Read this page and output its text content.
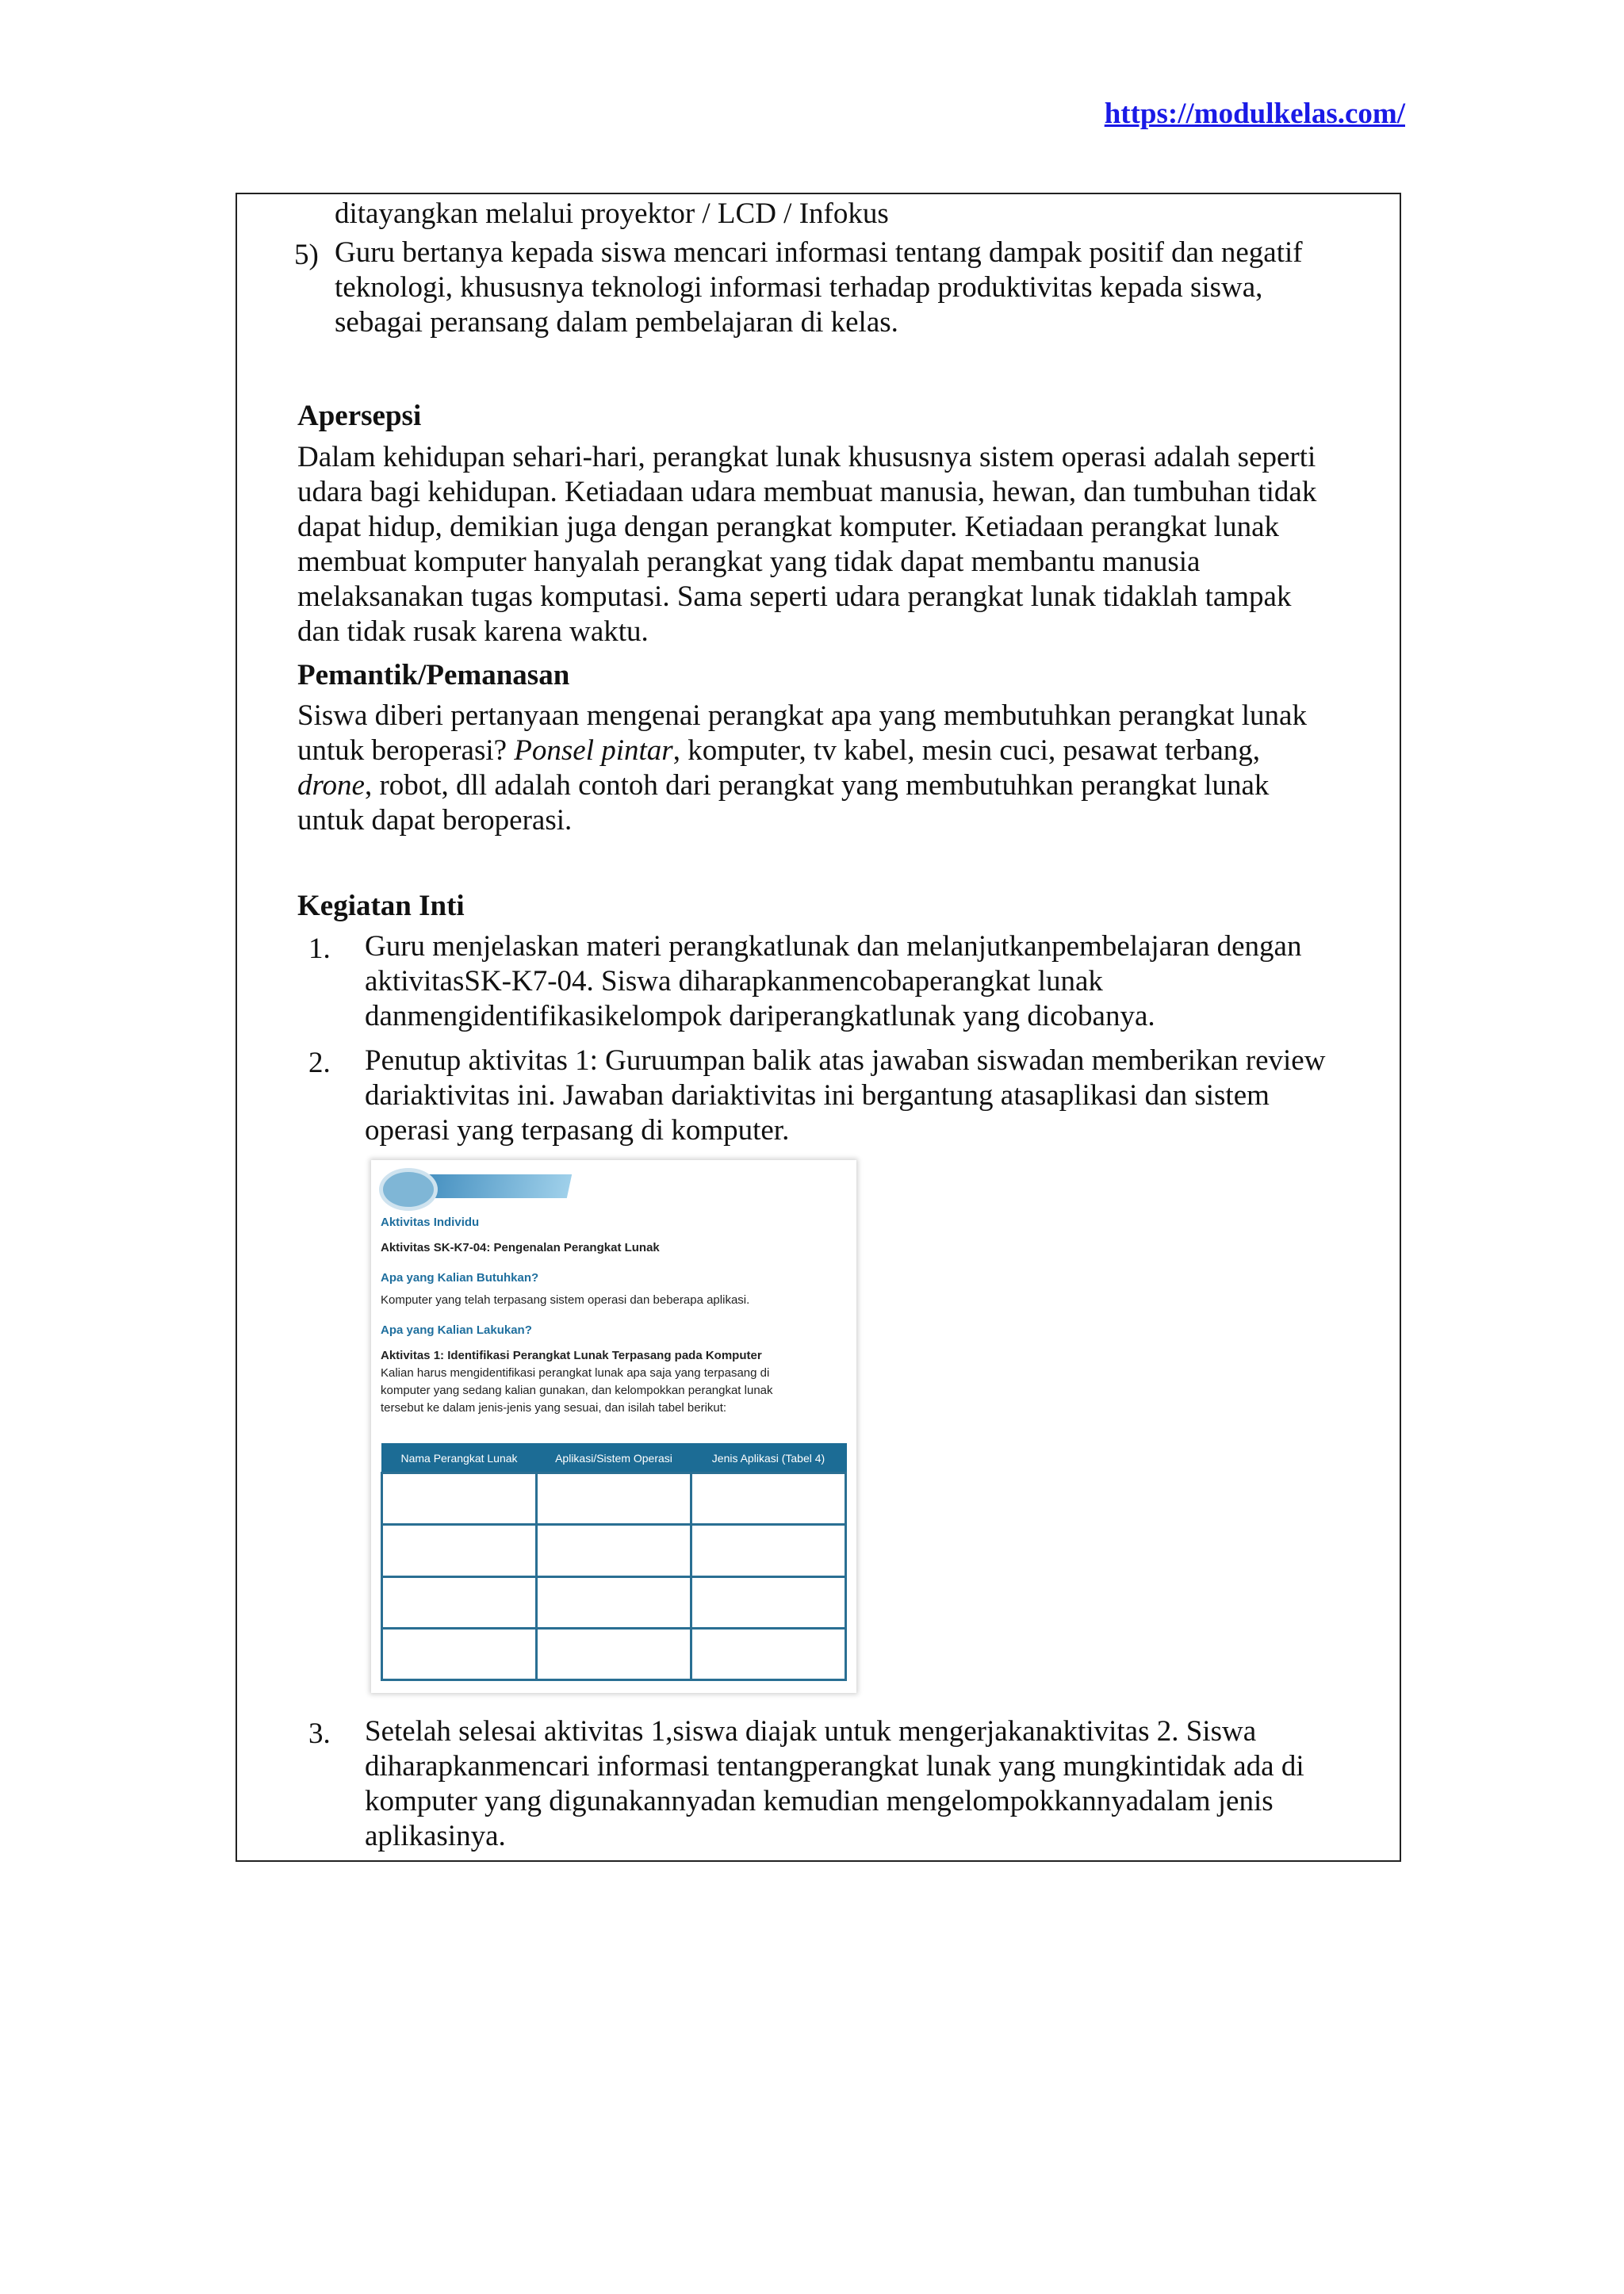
https://modulkelas.com/
ditayangkan melalui proyektor / LCD / Infokus
5) Guru bertanya kepada siswa mencari informasi tentang dampak positif dan negatif
teknologi, khususnya teknologi informasi terhadap produktivitas kepada siswa,
sebagai peransang dalam pembelajaran di kelas.
Apersepsi
Dalam kehidupan sehari-hari, perangkat lunak khususnya sistem operasi adalah seperti
udara bagi kehidupan. Ketiadaan udara membuat manusia, hewan, dan tumbuhan tidak
dapat hidup, demikian juga dengan perangkat komputer. Ketiadaan perangkat lunak
membuat komputer hanyalah perangkat yang tidak dapat membantu manusia
melaksanakan tugas komputasi. Sama seperti udara perangkat lunak tidaklah tampak
dan tidak rusak karena waktu.
Pemantik/Pemanasan
Siswa diberi pertanyaan mengenai perangkat apa yang membutuhkan perangkat lunak
untuk beroperasi? Ponsel pintar, komputer, tv kabel, mesin cuci, pesawat terbang,
drone, robot, dll adalah contoh dari perangkat yang membutuhkan perangkat lunak
untuk dapat beroperasi.
Kegiatan Inti
1. Guru menjelaskan materi perangkatlunak dan melanjutkanpembelajaran dengan
aktivitasSK-K7-04. Siswa diharapkanmencobaperangkat lunak
danmengidentifikasikelompok dariperangkatlunak yang dicobanya.
2. Penutup aktivitas 1: Guruumpan balik atas jawaban siswadan memberikan review
dariaktivitas ini. Jawaban dariaktivitas ini bergantung atasaplikasi dan sistem
operasi yang terpasang di komputer.
3. Setelah selesai aktivitas 1,siswa diajak untuk mengerjakanaktivitas 2. Siswa
diharapkanmencari informasi tentangperangkat lunak yang mungkintidak ada di
komputer yang digunakannyadan kemudian mengelompokkannyadalam jenis
aplikasinya.
Aktivitas Individu
Aktivitas SK-K7-04: Pengenalan Perangkat Lunak
Apa yang Kalian Butuhkan?
Komputer yang telah terpasang sistem operasi dan beberapa aplikasi.
Apa yang Kalian Lakukan?
Aktivitas 1: Identifikasi Perangkat Lunak Terpasang pada Komputer
Kalian harus mengidentifikasi perangkat lunak apa saja yang terpasang di
komputer yang sedang kalian gunakan, dan kelompokkan perangkat lunak
tersebut ke dalam jenis-jenis yang sesuai, dan isilah tabel berikut:
Nama Perangkat Lunak	Aplikasi/Sistem Operasi	Jenis Aplikasi (Tabel 4)
